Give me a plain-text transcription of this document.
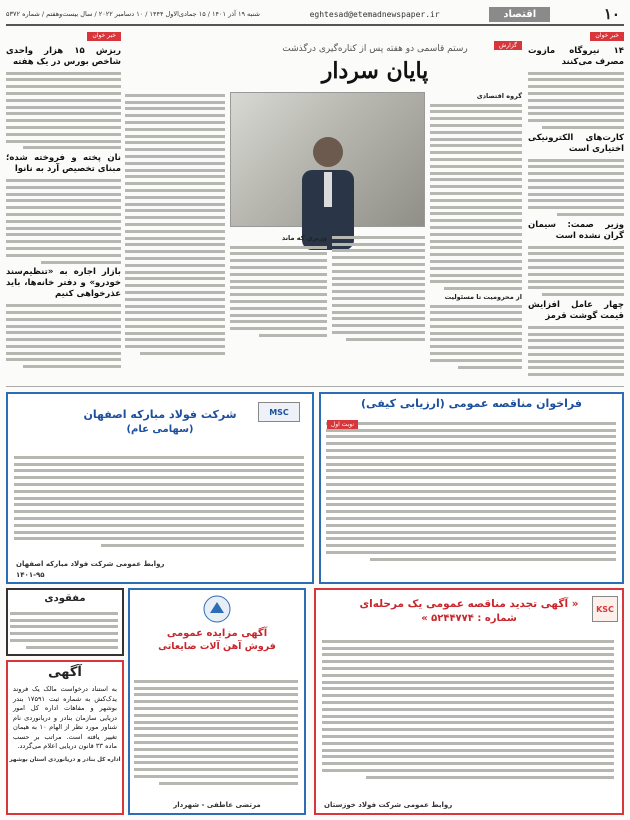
۱۰
اقتصاد
eghtesad@etemadnewspaper.ir
شنبه ۱۹ آذر ۱۴۰۱ / ۱۵ جمادی‌الاول ۱۴۴۴ / ۱۰ دسامبر ۲۰۲۲ / سال بیست‌وهفتم / شماره ۵۳۷۲
خبر خوان
۱۴ نیروگاه مازوت مصرف می‌کنند
کارت‌های الکترونیکی اختیاری است
وزیر صمت: سیمان گران نشده است
چهار عامل افزایش قیمت گوشت قرمز
گزارش
رستم قاسمی دو هفته پس از کناره‌گیری درگذشت
پایان سردار
گروه اقتصادی
از محرومیت تا مسئولیت
وزیری که ماند
خبر خوان
ریزش ۱۵ هزار واحدی شاخص بورس در یک هفته
نان پخته و فروخته شده؛ مبنای تخصیص آرد به نانوا
بازار اجاره به «تنظیم‌سند خودرو» و دفتر خانه‌ها، باید عذرخواهی کنیم
فراخوان مناقصه عمومی (ارزیابی کیفی)
نوبت اول
شرکت فولاد مبارکه اصفهان
(سهامی عام)
روابط عمومی شرکت فولاد مبارکه اصفهان
۱۴۰۱-۹۵
MSC
مفقودی
آگهی
به استناد درخواست مالک یک فروند یدک‌کش به شماره ثبت ۱۷۵۹۱ بندر بوشهر و مفاهات اداره کل امور دریایی سازمان بنادر و دریانوردی نام شناور مورد نظر از الهام ۱۰ به هیمان تغییر یافته است. مراتب بر حسب ماده ۳۳ قانون دریایی اعلام می‌گردد.
اداره کل بنادر و دریانوردی استان بوشهر
آگهی مزایده عمومی
فروش آهن آلات ضایعاتی
مرتضی عاطفی - شهردار
« آگهی تجدید مناقصه عمومی یک مرحله‌ای
شماره : ۵۲۴۴۷۷۴ »
روابط عمومی شرکت فولاد خوزستان
KSC
